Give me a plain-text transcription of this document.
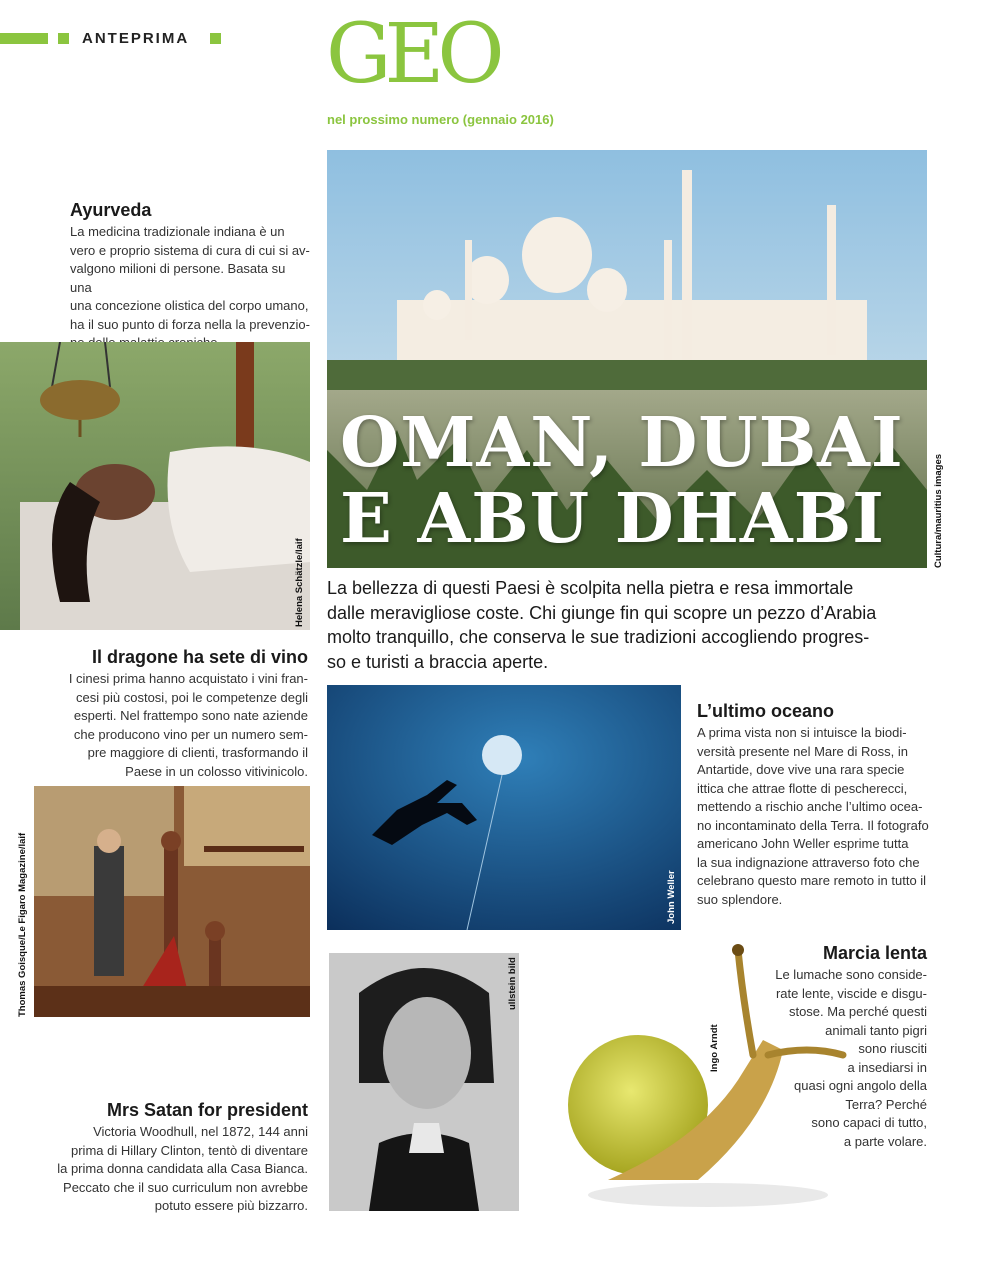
ANTEPRIMA GEO
nel prossimo numero (gennaio 2016)
Ayurveda

La medicina tradizionale indiana è un
vero e proprio sistema di cura di cui si av-
valgono milioni di persone. Basata su una
una concezione olistica del corpo umano,
ha il suo punto di forza nella la prevenzio-

Helena Schätzle/laif
OMAN, DUBAI
E ABU DHABI	Cultura/mauritius images
La bellezza di questi Paesi è scolpita nella pietra e resa immortale
dalle meravigliose coste. Chi giunge fin qui scopre un pezzo d’Arabia
molto tranquillo, che conserva le sue tradizioni accogliendo progres-
so e turisti a braccia aperte.
Il dragone ha sete di vino

I cinesi prima hanno acquistato i vini fran-
cesi più costosi, poi le competenze degli
esperti. Nel frattempo sono nate aziende
che producono vino per un numero sem-
pre maggiore di clienti, trasformando il
Paese in un colosso vitivinicolo.

Thomas Goisque/Le Figaro Magazine/laif	John Weller
L’ultimo oceano

A prima vista non si intuisce la biodi-
versità presente nel Mare di Ross, in
Antartide, dove vive una rara specie
ittica che attrae flotte di pescherecci,
mettendo a rischio anche l’ultimo ocea-
no incontaminato della Terra. Il fotografo
americano John Weller esprime tutta
la sua indignazione attraverso foto che
celebrano questo mare remoto in tutto il
suo splendore.

ullstein bild
Mrs Satan for president

Victoria Woodhull, nel 1872, 144 anni
prima di Hillary Clinton, tentò di diventare
la prima donna candidata alla Casa Bianca.
Peccato che il suo curriculum non avrebbe
potuto essere più bizzarro.

Ingo Arndt
Marcia lenta

Le lumache sono conside-
rate lente, viscide e disgu-
stose. Ma perché questi
animali tanto pigri
sono riusciti
a insediarsi in
quasi ogni angolo della
Terra? Perché
sono capaci di tutto,
a parte volare.
